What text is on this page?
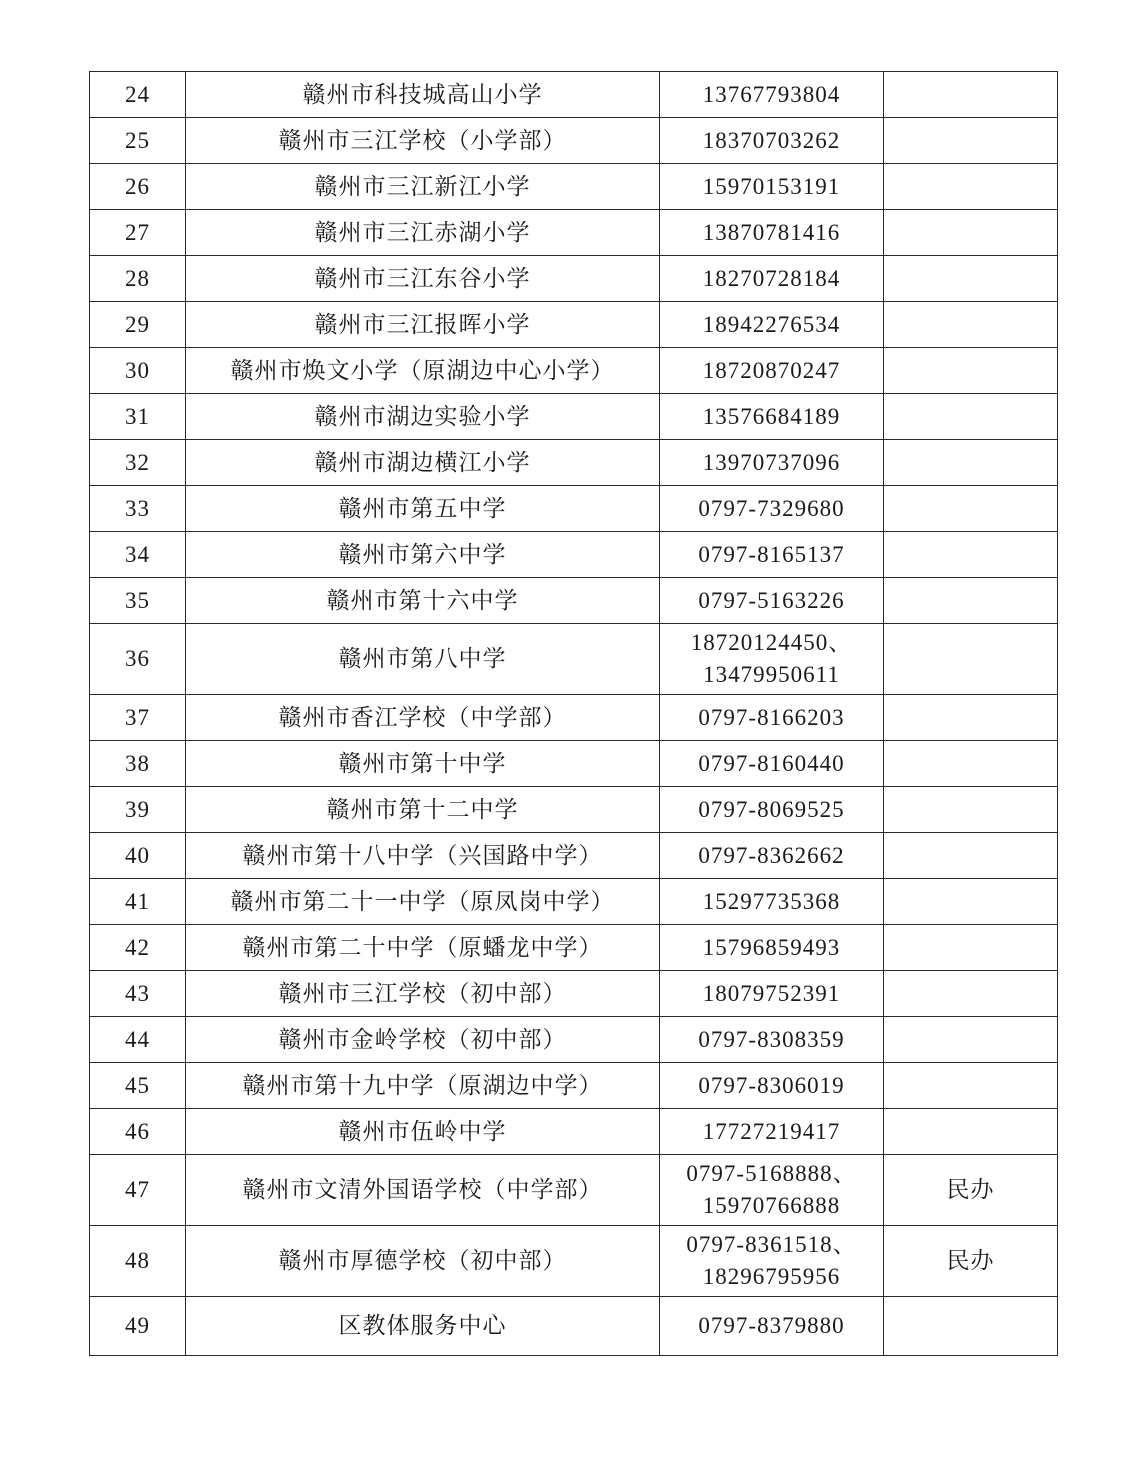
24	赣州市科技城高山小学	13767793804	

25	赣州市三江学校（小学部）	18370703262	

26	赣州市三江新江小学	15970153191	

27	赣州市三江赤湖小学	13870781416	

28	赣州市三江东谷小学	18270728184	

29	赣州市三江报晖小学	18942276534	

30	赣州市焕文小学（原湖边中心小学）	18720870247	

31	赣州市湖边实验小学	13576684189	

32	赣州市湖边横江小学	13970737096	

33	赣州市第五中学	0797-7329680	

34	赣州市第六中学	0797-8165137	

35	赣州市第十六中学	0797-5163226	

36	赣州市第八中学	18720124450、
13479950611	

37	赣州市香江学校（中学部）	0797-8166203	

38	赣州市第十中学	0797-8160440	

39	赣州市第十二中学	0797-8069525	

40	赣州市第十八中学（兴国路中学）	0797-8362662	

41	赣州市第二十一中学（原凤岗中学）	15297735368	

42	赣州市第二十中学（原蟠龙中学）	15796859493	

43	赣州市三江学校（初中部）	18079752391	

44	赣州市金岭学校（初中部）	0797-8308359	

45	赣州市第十九中学（原湖边中学）	0797-8306019	

46	赣州市伍岭中学	17727219417	

47	赣州市文清外国语学校（中学部）	0797-5168888、
15970766888	民办
48	赣州市厚德学校（初中部）	0797-8361518、
18296795956	民办
49	区教体服务中心	0797-8379880	
